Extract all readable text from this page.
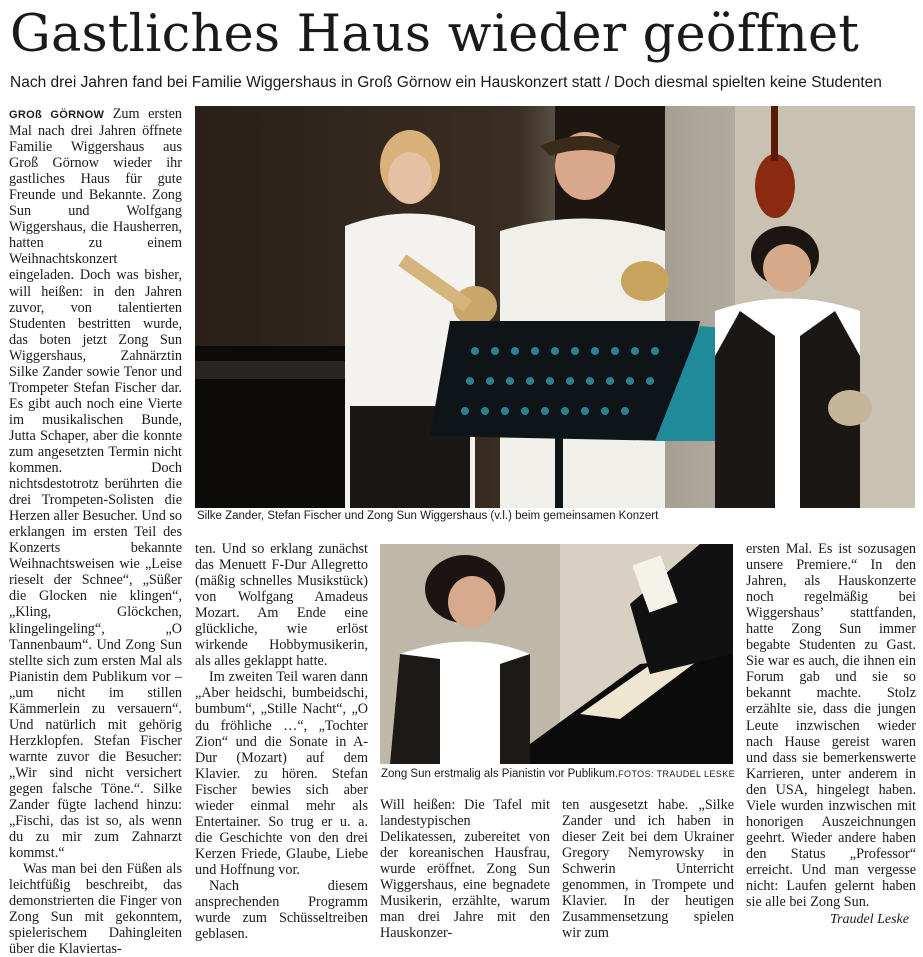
Gastliches Haus wieder geöffnet
Nach drei Jahren fand bei Familie Wiggershaus in Groß Görnow ein Hauskonzert statt / Doch diesmal spielten keine Studenten

GROß GÖRNOW Zum ersten Mal nach drei Jahren öffnete Familie Wiggershaus aus Groß Görnow wieder ihr gastliches Haus für gute Freunde und Bekannte. Zong Sun und Wolfgang Wiggershaus, die Hausherren, hatten zu einem Weihnachtskonzert eingeladen. Doch was bisher, will heißen: in den Jahren zuvor, von talentierten Studenten bestritten wurde, das boten jetzt Zong Sun Wiggershaus, Zahnärztin Silke Zander sowie Tenor und Trompeter Stefan Fischer dar. Es gibt auch noch eine Vierte im musikalischen Bunde, Jutta Schaper, aber die konnte zum angesetzten Termin nicht kommen. Doch nichtsdestotrotz berührten die drei Trompeten-Solisten die Herzen aller Besucher. Und so erklangen im ersten Teil des Konzerts bekannte Weihnachtsweisen wie „Leise rieselt der Schnee“, „Süßer die Glocken nie klingen“, „Kling, Glöckchen, klingelingeling“, „O Tannenbaum“. Und Zong Sun stellte sich zum ersten Mal als Pianistin dem Publikum vor – „um nicht im stillen Kämmerlein zu versauern“. Und natürlich mit gehörig Herzklopfen. Stefan Fischer warnte zuvor die Besucher: „Wir sind nicht versichert gegen falsche Töne.“. Silke Zander fügte lachend hinzu: „Fischi, das ist so, als wenn du zu mir zum Zahnarzt kommst.“

Was man bei den Füßen als leichtfüßig beschreibt, das demonstrierten die Finger von Zong Sun mit gekonntem, spielerischem Dahingleiten über die Klaviertas-

Silke Zander, Stefan Fischer und Zong Sun Wiggershaus (v.l.) beim gemeinsamen Konzert

ten. Und so erklang zunächst das Menuett F-Dur Allegretto (mäßig schnelles Musikstück) von Wolfgang Amadeus Mozart. Am Ende eine glückliche, wie erlöst wirkende Hobbymusikerin, als alles geklappt hatte.

Im zweiten Teil waren dann „Aber heidschi, bumbeidschi, bumbum“, „Stille Nacht“, „O du fröhliche …“, „Tochter Zion“ und die Sonate in A-Dur (Mozart) auf dem Klavier. zu hören. Stefan Fischer bewies sich aber wieder einmal mehr als Entertainer. So trug er u. a. die Geschichte von den drei Kerzen Friede, Glaube, Liebe und Hoffnung vor.

Nach diesem ansprechenden Programm wurde zum Schüsseltreiben geblasen.

Zong Sun erstmalig als Pianistin vor Publikum.FOTOS: TRAUDEL LESKE

Will heißen: Die Tafel mit landestypischen Delikatessen, zubereitet von der koreanischen Hausfrau, wurde eröffnet. Zong Sun Wiggershaus, eine begnadete Musikerin, erzählte, warum man drei Jahre mit den Hauskonzer-

ten ausgesetzt habe. „Silke Zander und ich haben in dieser Zeit bei dem Ukrainer Gregory Nemyrowsky in Schwerin Unterricht genommen, in Trompete und Klavier. In der heutigen Zusammensetzung spielen wir zum

ersten Mal. Es ist sozusagen unsere Premiere.“ In den Jahren, als Hauskonzerte noch regelmäßig bei Wiggershaus’ stattfanden, hatte Zong Sun immer begabte Studenten zu Gast. Sie war es auch, die ihnen ein Forum gab und sie so bekannt machte. Stolz erzählte sie, dass die jungen Leute inzwischen wieder nach Hause gereist waren und dass sie bemerkenswerte Karrieren, unter anderem in den USA, hingelegt haben. Viele wurden inzwischen mit honorigen Auszeichnungen geehrt. Wieder andere haben den Status „Professor“ erreicht. Und man vergesse nicht: Laufen gelernt haben sie alle bei Zong Sun.

Traudel Leske
